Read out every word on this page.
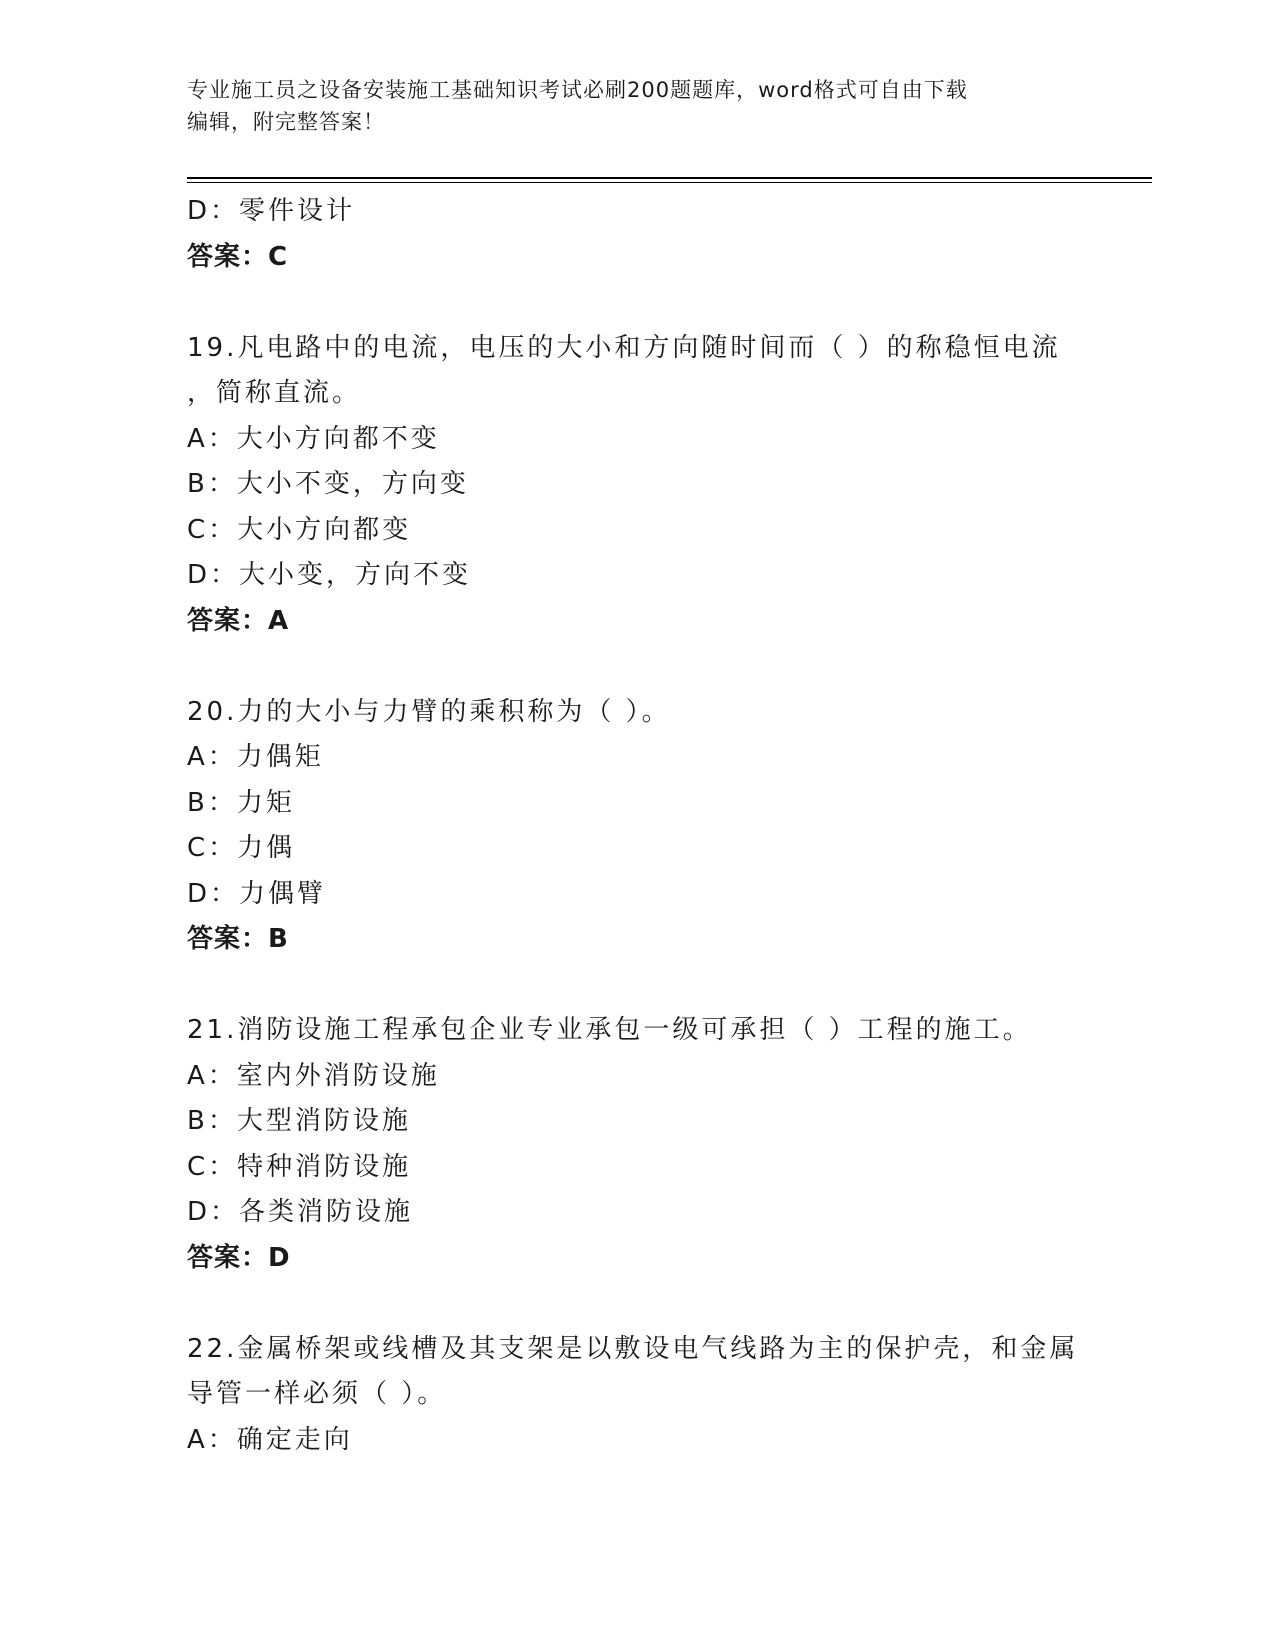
专业施工员之设备安装施工基础知识考试必刷200题题库，word格式可自由下载

编辑，附完整答案！

D：零件设计

答案：C

19.凡电路中的电流，电压的大小和方向随时间而（ ）的称稳恒电流

，简称直流。

A：大小方向都不变

B：大小不变，方向变

C：大小方向都变

D：大小变，方向不变

答案：A

20.力的大小与力臂的乘积称为（ ）。

A：力偶矩

B：力矩

C：力偶

D：力偶臂

答案：B

21.消防设施工程承包企业专业承包一级可承担（ ）工程的施工。

A：室内外消防设施

B：大型消防设施

C：特种消防设施

D：各类消防设施

答案：D

22.金属桥架或线槽及其支架是以敷设电气线路为主的保护壳，和金属

导管一样必须（ ）。

A：确定走向
